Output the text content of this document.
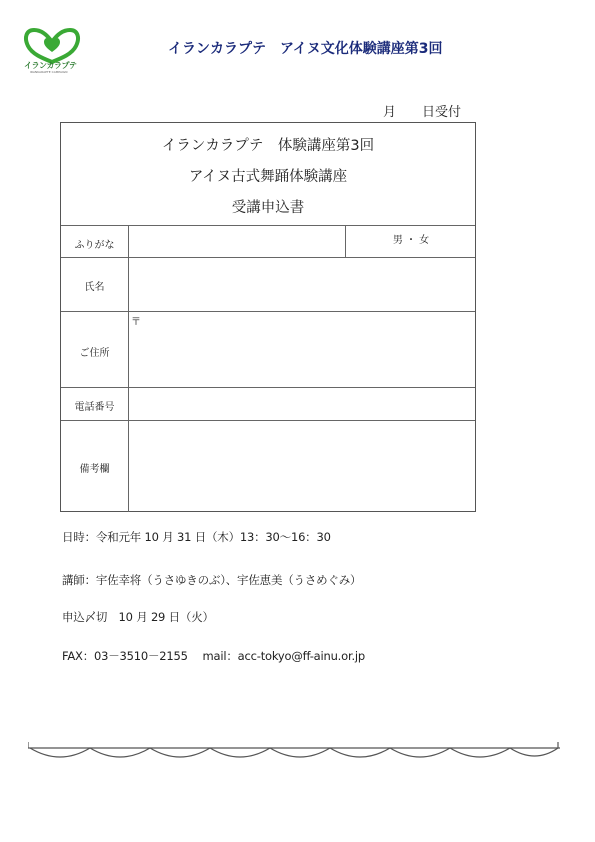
イランカラプテ
IRANKARAPTE CAMPAIGN
イランカラプテ　アイヌ文化体験講座第3回
月 日受付
イランカラプテ　体験講座第3回
アイヌ古式舞踊体験講座
受講申込書
ふりがな	男 ・ 女
氏名
ご住所
〒
電話番号
備考欄
日時：令和元年 10 月 31 日（木）13：30〜16：30
講師：宇佐幸将（うさゆきのぶ）、宇佐恵美（うさめぐみ）
申込〆切　10 月 29 日（火）
FAX：03－3510－2155　 mail：acc-tokyo@ff-ainu.or.jp
